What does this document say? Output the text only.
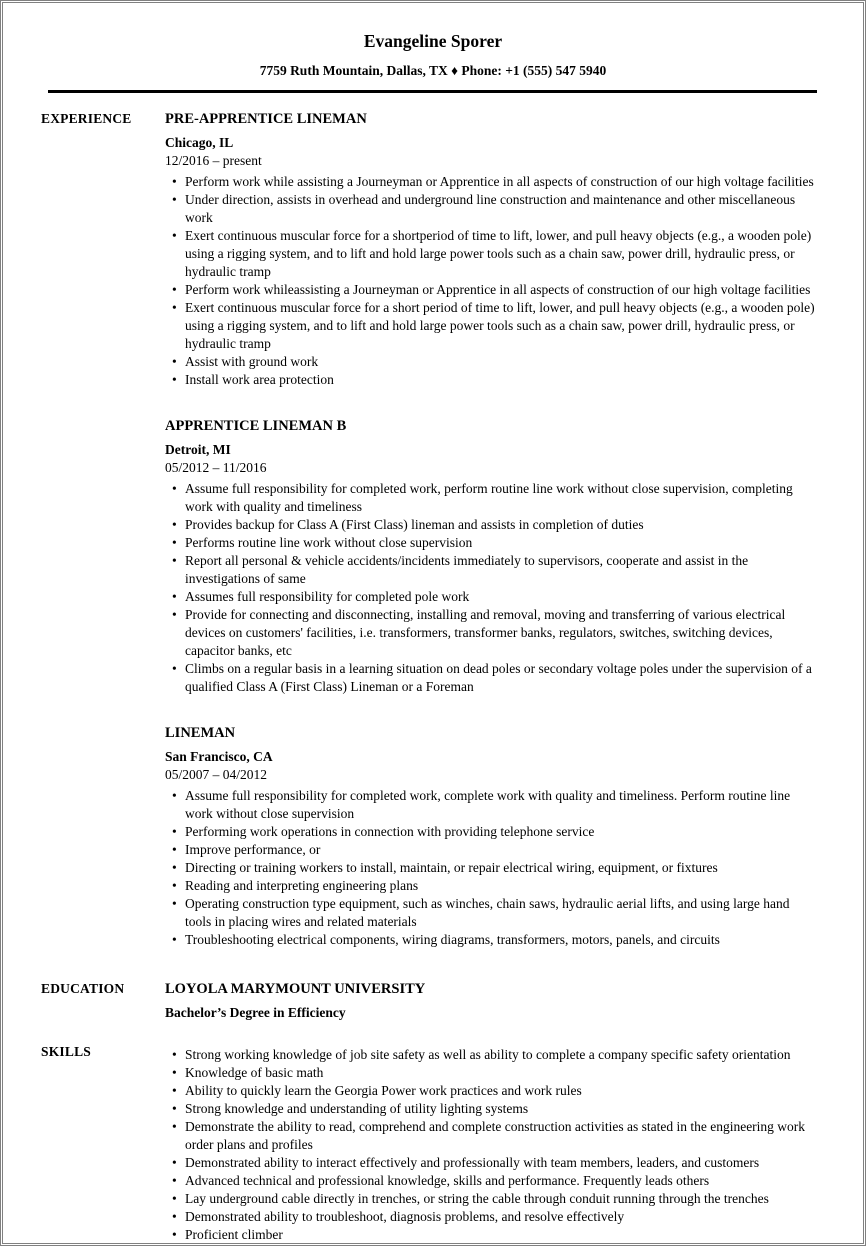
Evangeline Sporer
7759 Ruth Mountain, Dallas, TX ♦ Phone: +1 (555) 547 5940
EXPERIENCE	PRE-APPRENTICE LINEMAN

Chicago, IL

12/2016 – present

• Perform work while assisting a Journeyman or Apprentice in all aspects of construction of our high voltage facilities
• Under direction, assists in overhead and underground line construction and maintenance and other miscellaneous work
• Exert continuous muscular force for a shortperiod of time to lift, lower, and pull heavy objects (e.g., a wooden pole) using a rigging system, and to lift and hold large power tools such as a chain saw, power drill, hydraulic press, or hydraulic tramp
• Perform work whileassisting a Journeyman or Apprentice in all aspects of construction of our high voltage facilities
• Exert continuous muscular force for a short period of time to lift, lower, and pull heavy objects (e.g., a wooden pole) using a rigging system, and to lift and hold large power tools such as a chain saw, power drill, hydraulic press, or hydraulic tramp
• Assist with ground work
• Install work area protection

APPRENTICE LINEMAN B

Detroit, MI

05/2012 – 11/2016

• Assume full responsibility for completed work, perform routine line work without close supervision, completing work with quality and timeliness
• Provides backup for Class A (First Class) lineman and assists in completion of duties
• Performs routine line work without close supervision
• Report all personal & vehicle accidents/incidents immediately to supervisors, cooperate and assist in the investigations of same
• Assumes full responsibility for completed pole work
• Provide for connecting and disconnecting, installing and removal, moving and transferring of various electrical devices on customers' facilities, i.e. transformers, transformer banks, regulators, switches, switching devices, capacitor banks, etc
• Climbs on a regular basis in a learning situation on dead poles or secondary voltage poles under the supervision of a qualified Class A (First Class) Lineman or a Foreman

LINEMAN

San Francisco, CA

05/2007 – 04/2012

• Assume full responsibility for completed work, complete work with quality and timeliness. Perform routine line work without close supervision
• Performing work operations in connection with providing telephone service
• Improve performance, or
• Directing or training workers to install, maintain, or repair electrical wiring, equipment, or fixtures
• Reading and interpreting engineering plans
• Operating construction type equipment, such as winches, chain saws, hydraulic aerial lifts, and using large hand tools in placing wires and related materials
• Troubleshooting electrical components, wiring diagrams, transformers, motors, panels, and circuits
EDUCATION	LOYOLA MARYMOUNT UNIVERSITY

Bachelor’s Degree in Efficiency

SKILLS	• Strong working knowledge of job site safety as well as ability to complete a company specific safety orientation
• Knowledge of basic math
• Ability to quickly learn the Georgia Power work practices and work rules
• Strong knowledge and understanding of utility lighting systems
• Demonstrate the ability to read, comprehend and complete construction activities as stated in the engineering work order plans and profiles
• Demonstrated ability to interact effectively and professionally with team members, leaders, and customers
• Advanced technical and professional knowledge, skills and performance. Frequently leads others
• Lay underground cable directly in trenches, or string the cable through conduit running through the trenches
• Demonstrated ability to troubleshoot, diagnosis problems, and resolve effectively
• Proficient climber
